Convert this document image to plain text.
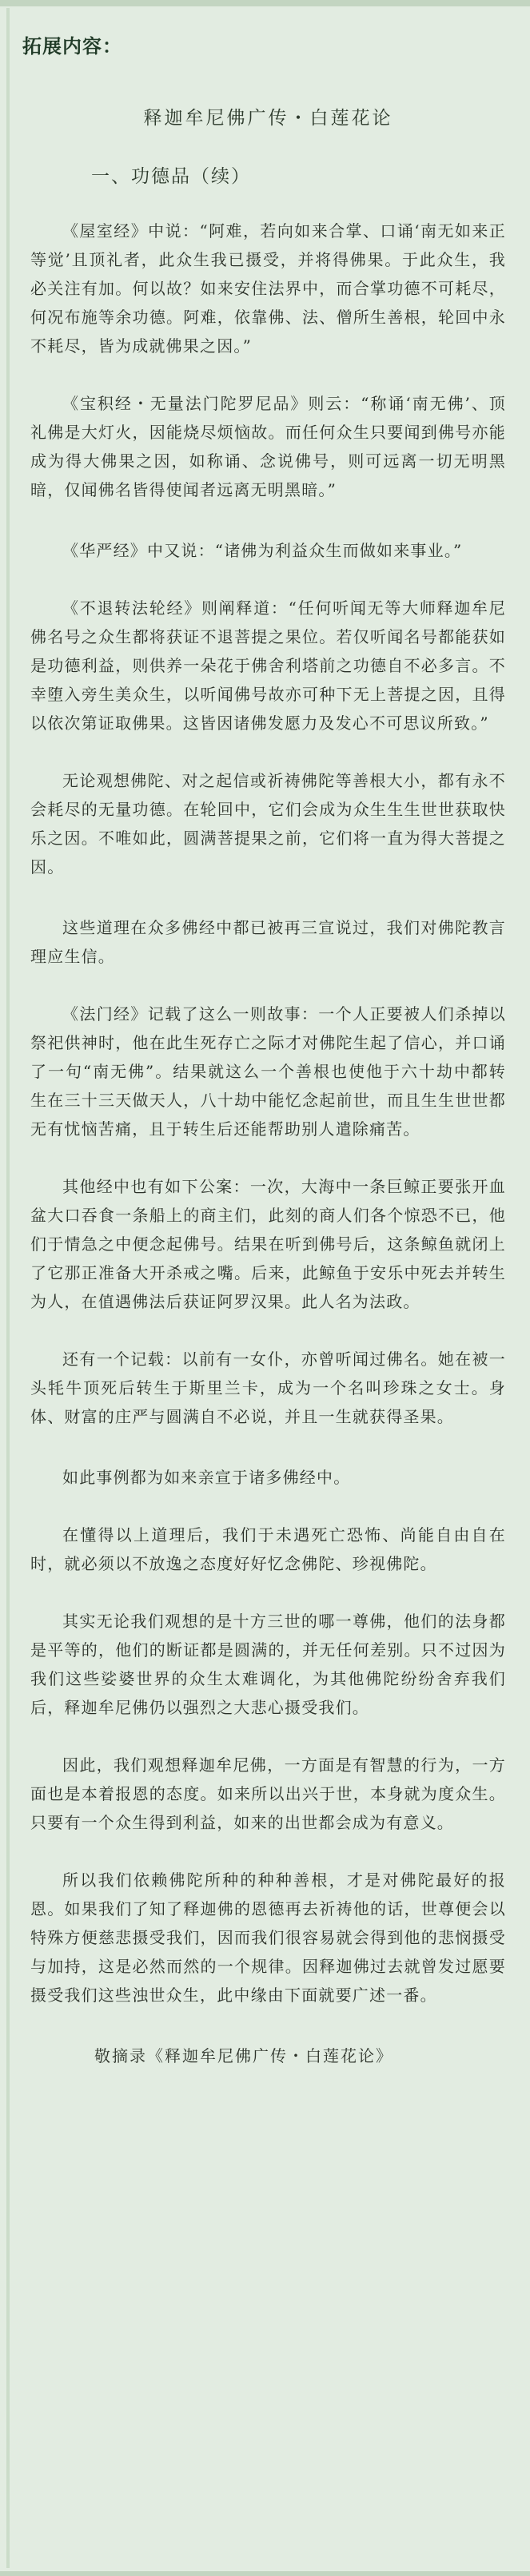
拓展内容：
释迦牟尼佛广传・白莲花论
一、功德品（续）

《屋室经》中说：“阿难，若向如来合掌、口诵‘南无如来正等觉’且顶礼者，此众生我已摄受，并将得佛果。于此众生，我必关注有加。何以故？如来安住法界中，而合掌功德不可耗尽，何况布施等余功德。阿难，依靠佛、法、僧所生善根，轮回中永不耗尽，皆为成就佛果之因。”

《宝积经・无量法门陀罗尼品》则云：“称诵‘南无佛’、顶礼佛是大灯火，因能烧尽烦恼故。而任何众生只要闻到佛号亦能成为得大佛果之因，如称诵、念说佛号，则可远离一切无明黑暗，仅闻佛名皆得使闻者远离无明黑暗。”

《华严经》中又说：“诸佛为利益众生而做如来事业。”

《不退转法轮经》则阐释道：“任何听闻无等大师释迦牟尼佛名号之众生都将获证不退菩提之果位。若仅听闻名号都能获如是功德利益，则供养一朵花于佛舍利塔前之功德自不必多言。不幸堕入旁生美众生，以听闻佛号故亦可种下无上菩提之因，且得以依次第证取佛果。这皆因诸佛发愿力及发心不可思议所致。”

无论观想佛陀、对之起信或祈祷佛陀等善根大小，都有永不会耗尽的无量功德。在轮回中，它们会成为众生生生世世获取快乐之因。不唯如此，圆满菩提果之前，它们将一直为得大菩提之因。

这些道理在众多佛经中都已被再三宣说过，我们对佛陀教言理应生信。

《法门经》记载了这么一则故事：一个人正要被人们杀掉以祭祀供神时，他在此生死存亡之际才对佛陀生起了信心，并口诵了一句“南无佛”。结果就这么一个善根也使他于六十劫中都转生在三十三天做天人，八十劫中能忆念起前世，而且生生世世都无有忧恼苦痛，且于转生后还能帮助别人遣除痛苦。

其他经中也有如下公案：一次，大海中一条巨鲸正要张开血盆大口吞食一条船上的商主们，此刻的商人们各个惊恐不已，他们于情急之中便念起佛号。结果在听到佛号后，这条鲸鱼就闭上了它那正准备大开杀戒之嘴。后来，此鲸鱼于安乐中死去并转生为人，在值遇佛法后获证阿罗汉果。此人名为法政。

还有一个记载：以前有一女仆，亦曾听闻过佛名。她在被一头牦牛顶死后转生于斯里兰卡，成为一个名叫珍珠之女士。身体、财富的庄严与圆满自不必说，并且一生就获得圣果。

如此事例都为如来亲宣于诸多佛经中。

在懂得以上道理后，我们于未遇死亡恐怖、尚能自由自在时，就必须以不放逸之态度好好忆念佛陀、珍视佛陀。

其实无论我们观想的是十方三世的哪一尊佛，他们的法身都是平等的，他们的断证都是圆满的，并无任何差别。只不过因为我们这些娑婆世界的众生太难调化，为其他佛陀纷纷舍弃我们后，释迦牟尼佛仍以强烈之大悲心摄受我们。

因此，我们观想释迦牟尼佛，一方面是有智慧的行为，一方面也是本着报恩的态度。如来所以出兴于世，本身就为度众生。只要有一个众生得到利益，如来的出世都会成为有意义。

所以我们依赖佛陀所种的种种善根，才是对佛陀最好的报恩。如果我们了知了释迦佛的恩德再去祈祷他的话，世尊便会以特殊方便慈悲摄受我们，因而我们很容易就会得到他的悲悯摄受与加持，这是必然而然的一个规律。因释迦佛过去就曾发过愿要摄受我们这些浊世众生，此中缘由下面就要广述一番。

敬摘录《释迦牟尼佛广传・白莲花论》
